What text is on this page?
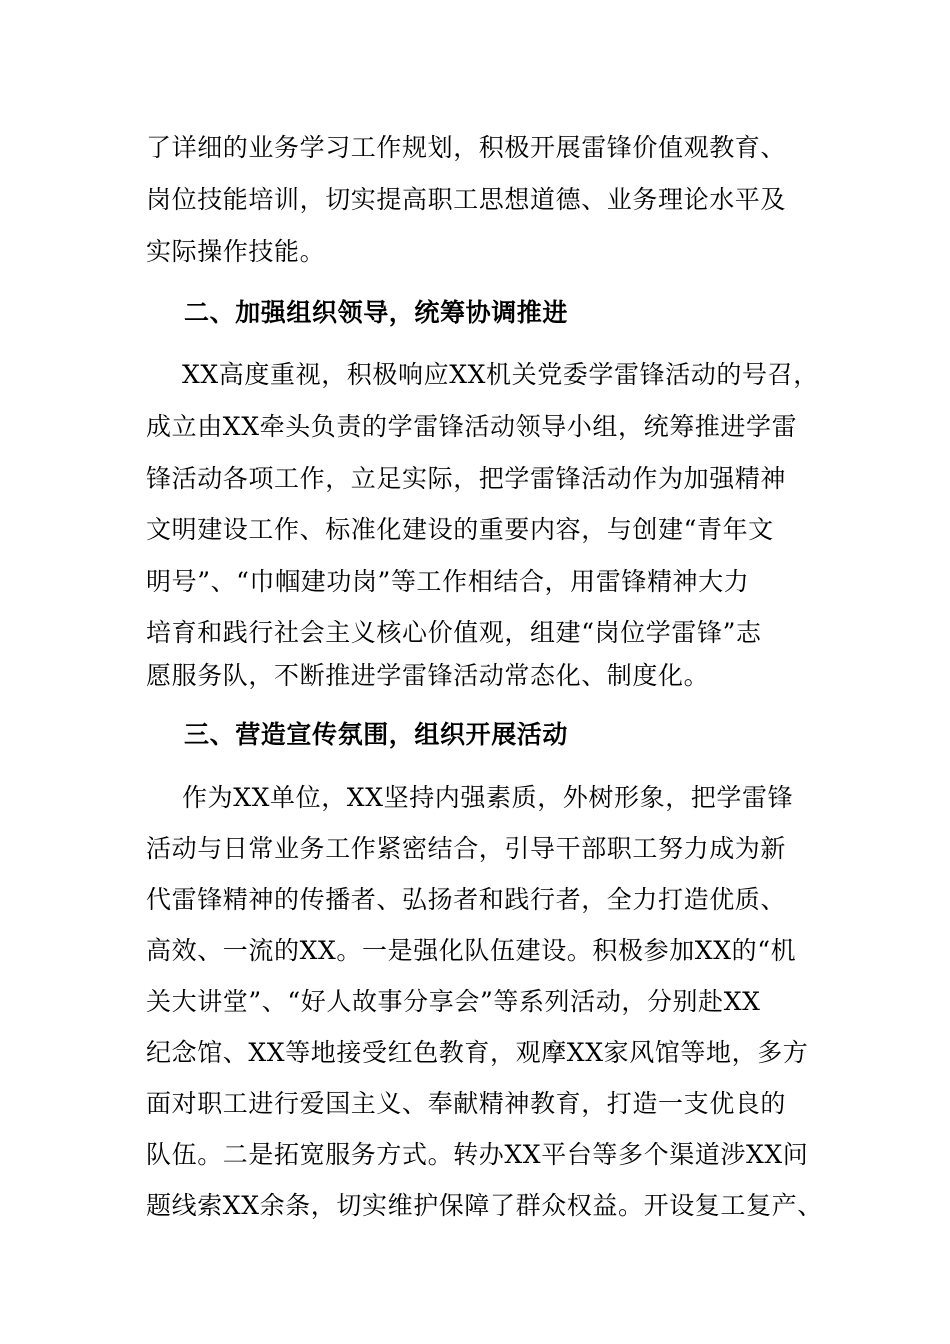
了详细的业务学习工作规划，积极开展雷锋价值观教育、
岗位技能培训，切实提高职工思想道德、业务理论水平及
实际操作技能。
二、加强组织领导，统筹协调推进
XX高度重视，积极响应XX机关党委学雷锋活动的号召，
成立由XX牵头负责的学雷锋活动领导小组，统筹推进学雷
锋活动各项工作，立足实际，把学雷锋活动作为加强精神
文明建设工作、标准化建设的重要内容，与创建“青年文
明号”、“巾帼建功岗”等工作相结合，用雷锋精神大力
培育和践行社会主义核心价值观，组建“岗位学雷锋”志
愿服务队，不断推进学雷锋活动常态化、制度化。
三、营造宣传氛围，组织开展活动
作为XX单位，XX坚持内强素质，外树形象，把学雷锋
活动与日常业务工作紧密结合，引导干部职工努力成为新
代雷锋精神的传播者、弘扬者和践行者，全力打造优质、
高效、一流的XX。一是强化队伍建设。积极参加XX的“机
关大讲堂”、“好人故事分享会”等系列活动，分别赴XX
纪念馆、XX等地接受红色教育，观摩XX家风馆等地，多方
面对职工进行爱国主义、奉献精神教育，打造一支优良的
队伍。二是拓宽服务方式。转办XX平台等多个渠道涉XX问
题线索XX余条，切实维护保障了群众权益。开设复工复产、
